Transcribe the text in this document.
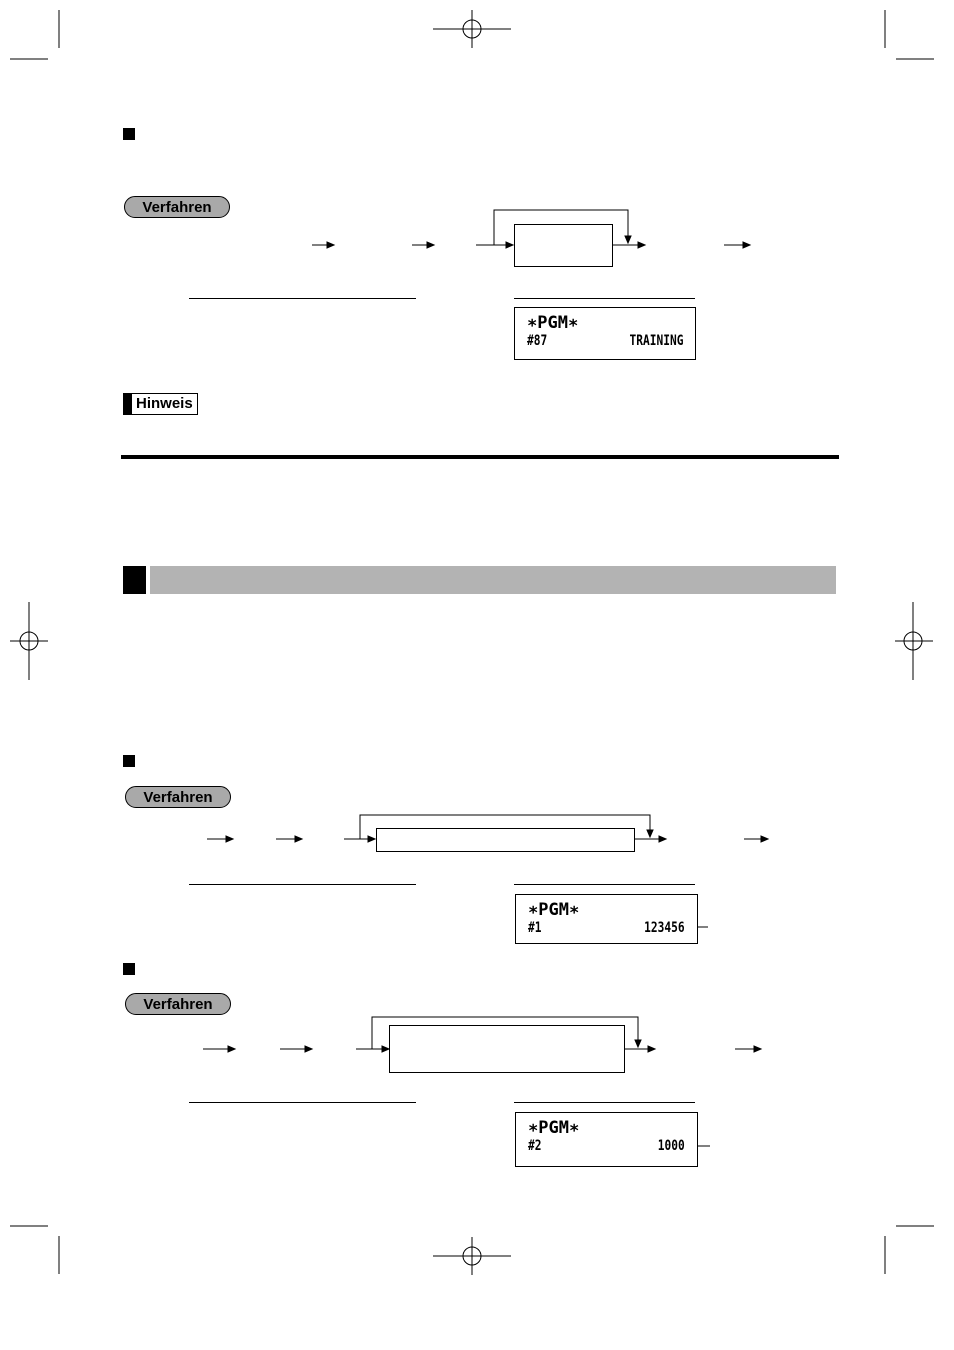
Verfahren
∗PGM∗
#87	TRAINING
Hinweis
Verfahren
∗PGM∗
#1	123456
Verfahren
∗PGM∗
#2	1000
